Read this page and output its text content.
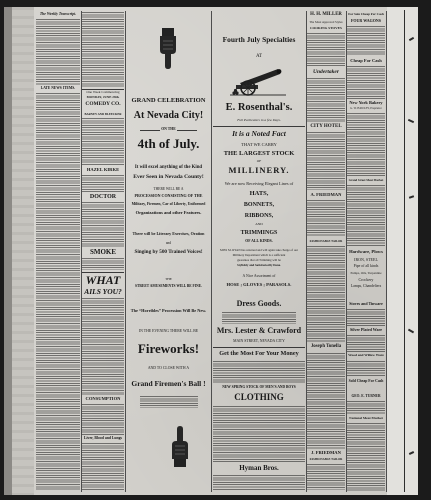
The Weekly Transcript.
LATE NEWS ITEMS.
One Week Commencing
MONDAY, JUNE 28th.
COMEDY CO.
BARNEY AND BLEECKER
HAZEL KIRKE
DOCTOR
SMOKE
WHAT
AILS YOU?
CONSUMPTION
Liver, Blood and Lungs
GRAND CELEBRATION
At Nevada City!
ON THE
4th of July.
It will excel anything of the Kind
Ever Seen in Nevada County!
THERE WILL BE A
PROCESSION CONSISTING OF THE
Military, Firemen, Car of Liberty, Uniformed
Organizations and other Features.
There will be Literary Exercises, Oration
and
Singing by 500 Trained Voices!
THE
STREET AMUSEMENTS WILL BE FINE.
The “Horribles” Procession Will Be New.
IN THE EVENING THERE WILL BE
Fireworks!
AND TO CLOSE WITH A
Grand Firemen's Ball !
Fourth July Specialties
AT
E. Rosenthal's.
Full Particulars in a few Days.
It is a Noted Fact
THAT WE CARRY
THE LARGEST STOCK
OF
MILLINERY.
We are now Receiving Elegant Lines of
HATS,
BONNETS,
RIBBONS,
AND
TRIMMINGS
OF ALL KINDS.
MISS M. RYAN has returned and will again take charge of our
Millinery Department which is a sufficient
guarantee that all Trimming will be
Stylishly and Satisfactorily Done.
A Nice Assortment of
HOSE ; GLOVES ; PARASOLS.
Dress Goods.
Mrs. Lester & Crawford
MAIN STREET, NEVADA CITY
Get the Most For Your Money
NEW SPRING STOCK OF MEN'S AND BOYS
CLOTHING
Hyman Bros.
H. H. MILLER
The Most Approved Styles
COOKING STOVES
Undertaker
CITY HOTEL
A. FRIEDMAN
FASHIONABLE TAILOR
Joseph Tonella
J. FRIEDMAN
FASHIONABLE TAILOR
For Sale Cheap For Cash
FOUR WAGONS
Cheap For Cash
New York Bakery
G. W. HAWLEY, Proprietor
Grand Street Meat Market
Hardware, Plows
IRON, STEEL
Pipe of all kinds
Pumps, Oils, Turpentine
Crockery
Lamps, Chandeliers
Stoves and Tinware
Silver Plated Ware
Wood and Willow Ware
Sold Cheap For Cash
GEO. E. TURNER
National Meat Market
